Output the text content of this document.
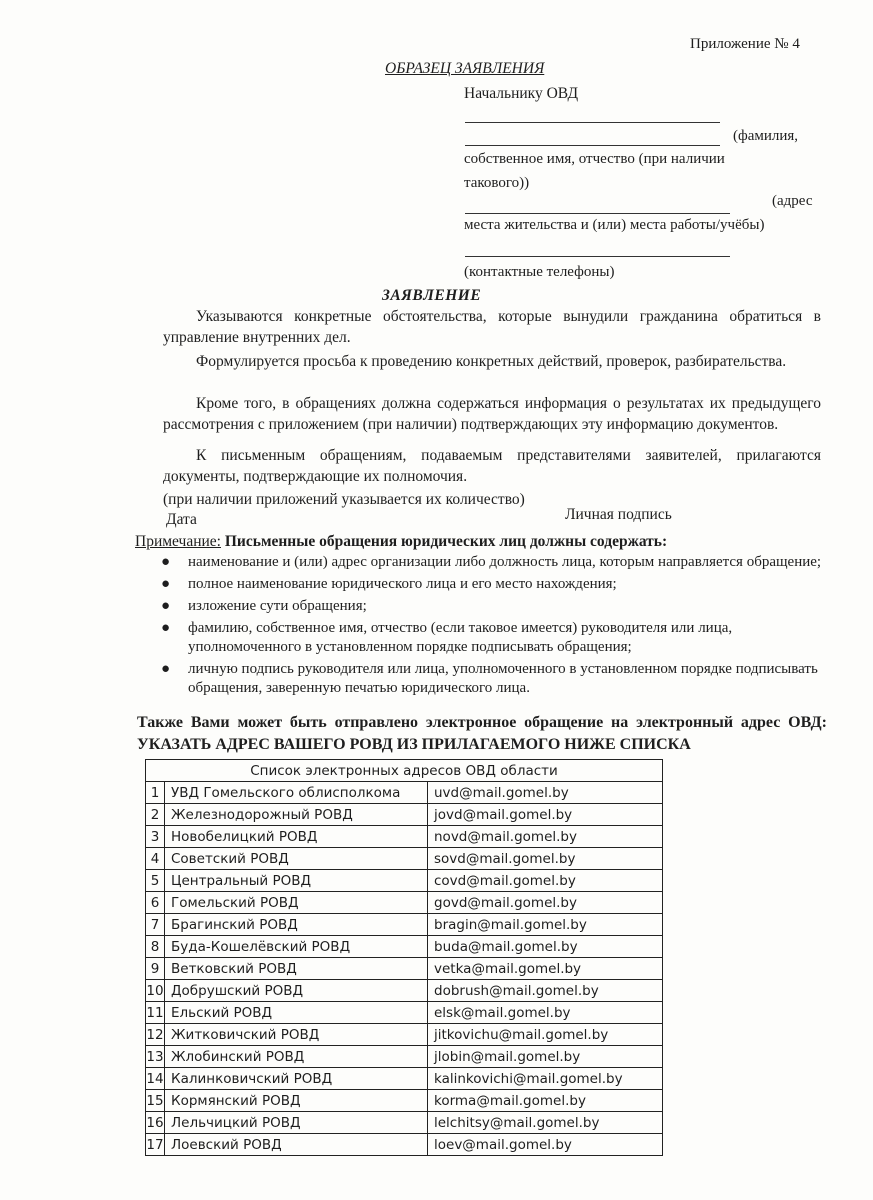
Приложение № 4
ОБРАЗЕЦ ЗАЯВЛЕНИЯ
Начальнику ОВД
(фамилия,
собственное имя, отчество (при наличии
такового))
(адрес
места жительства и (или) места работы/учёбы)
(контактные телефоны)
ЗАЯВЛЕНИЕ
Указываются конкретные обстоятельства, которые вынудили гражданина обратиться в управление внутренних дел.
Формулируется просьба к проведению конкретных действий, проверок, разбирательства.
Кроме того, в обращениях должна содержаться информация о результатах их предыдущего рассмотрения с приложением (при наличии) подтверждающих эту информацию документов.
К письменным обращениям, подаваемым представителями заявителей, прилагаются документы, подтверждающие их полномочия.
(при наличии приложений указывается их количество)
Дата	Личная подпись
Примечание: Письменные обращения юридических лиц должны содержать:
● наименование и (или) адрес организации либо должность лица, которым направляется обращение;
● полное наименование юридического лица и его место нахождения;
● изложение сути обращения;
● фамилию, собственное имя, отчество (если таковое имеется) руководителя или лица, уполномоченного в установленном порядке подписывать обращения;
● личную подпись руководителя или лица, уполномоченного в установленном порядке подписывать обращения, заверенную печатью юридического лица.
Также Вами может быть отправлено электронное обращение на электронный адрес ОВД: УКАЗАТЬ АДРЕС ВАШЕГО РОВД ИЗ ПРИЛАГАЕМОГО НИЖЕ СПИСКА
Список электронных адресов ОВД области		
1	УВД Гомельского облисполкома	uvd@mail.gomel.by
2	Железнодорожный РОВД	jovd@mail.gomel.by
3	Новобелицкий РОВД	novd@mail.gomel.by
4	Советский РОВД	sovd@mail.gomel.by
5	Центральный РОВД	covd@mail.gomel.by
6	Гомельский РОВД	govd@mail.gomel.by
7	Брагинский РОВД	bragin@mail.gomel.by
8	Буда-Кошелёвский РОВД	buda@mail.gomel.by
9	Ветковский РОВД	vetka@mail.gomel.by
10	Добрушский РОВД	dobrush@mail.gomel.by
11	Ельский РОВД	elsk@mail.gomel.by
12	Житковичский РОВД	jitkovichu@mail.gomel.by
13	Жлобинский РОВД	jlobin@mail.gomel.by
14	Калинковичский РОВД	kalinkovichi@mail.gomel.by
15	Кормянский РОВД	korma@mail.gomel.by
16	Лельчицкий РОВД	lelchitsy@mail.gomel.by
17	Лоевский РОВД	loev@mail.gomel.by
